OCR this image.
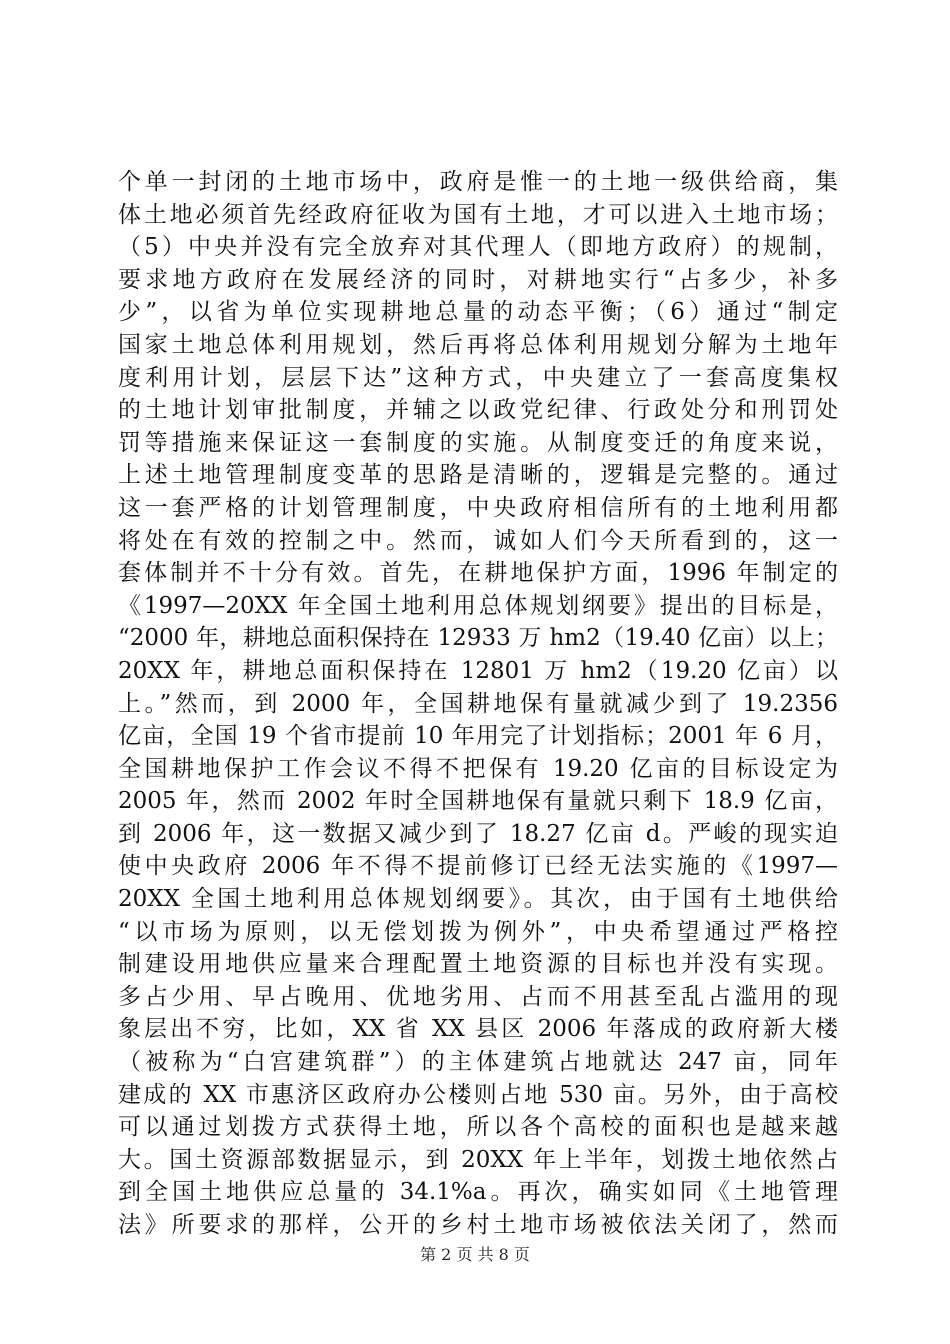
个单一封闭的土地市场中，政府是惟一的土地一级供给商，集
体土地必须首先经政府征收为国有土地，才可以进入土地市场；
（5）中央并没有完全放弃对其代理人（即地方政府）的规制，
要求地方政府在发展经济的同时，对耕地实行“占多少，补多
少”，以省为单位实现耕地总量的动态平衡；（6）通过“制定
国家土地总体利用规划，然后再将总体利用规划分解为土地年
度利用计划，层层下达”这种方式，中央建立了一套高度集权
的土地计划审批制度，并辅之以政党纪律、行政处分和刑罚处
罚等措施来保证这一套制度的实施。从制度变迁的角度来说，
上述土地管理制度变革的思路是清晰的，逻辑是完整的。通过
这一套严格的计划管理制度，中央政府相信所有的土地利用都
将处在有效的控制之中。然而，诚如人们今天所看到的，这一
套体制并不十分有效。首先，在耕地保护方面，1996 年制定的
《1997—20XX 年全国土地利用总体规划纲要》提出的目标是，
“2000 年，耕地总面积保持在 12933 万 hm2（19.40 亿亩）以上；
20XX 年，耕地总面积保持在 12801 万 hm2（19.20 亿亩）以
上。”然而，到 2000 年，全国耕地保有量就减少到了 19.2356
亿亩，全国 19 个省市提前 10 年用完了计划指标；2001 年 6 月，
全国耕地保护工作会议不得不把保有 19.20 亿亩的目标设定为
2005 年，然而 2002 年时全国耕地保有量就只剩下 18.9 亿亩，
到 2006 年，这一数据又减少到了 18.27 亿亩 d。严峻的现实迫
使中央政府 2006 年不得不提前修订已经无法实施的《1997—
20XX 全国土地利用总体规划纲要》。其次，由于国有土地供给
“以市场为原则，以无偿划拨为例外”，中央希望通过严格控
制建设用地供应量来合理配置土地资源的目标也并没有实现。
多占少用、早占晚用、优地劣用、占而不用甚至乱占滥用的现
象层出不穷，比如，XX 省 XX 县区 2006 年落成的政府新大楼
（被称为“白宫建筑群”）的主体建筑占地就达 247 亩，同年
建成的 XX 市惠济区政府办公楼则占地 530 亩。另外，由于高校
可以通过划拨方式获得土地，所以各个高校的面积也是越来越
大。国土资源部数据显示，到 20XX 年上半年，划拨土地依然占
到全国土地供应总量的 34.1%a。再次，确实如同《土地管理
法》所要求的那样，公开的乡村土地市场被依法关闭了，然而
第 2 页 共 8 页
